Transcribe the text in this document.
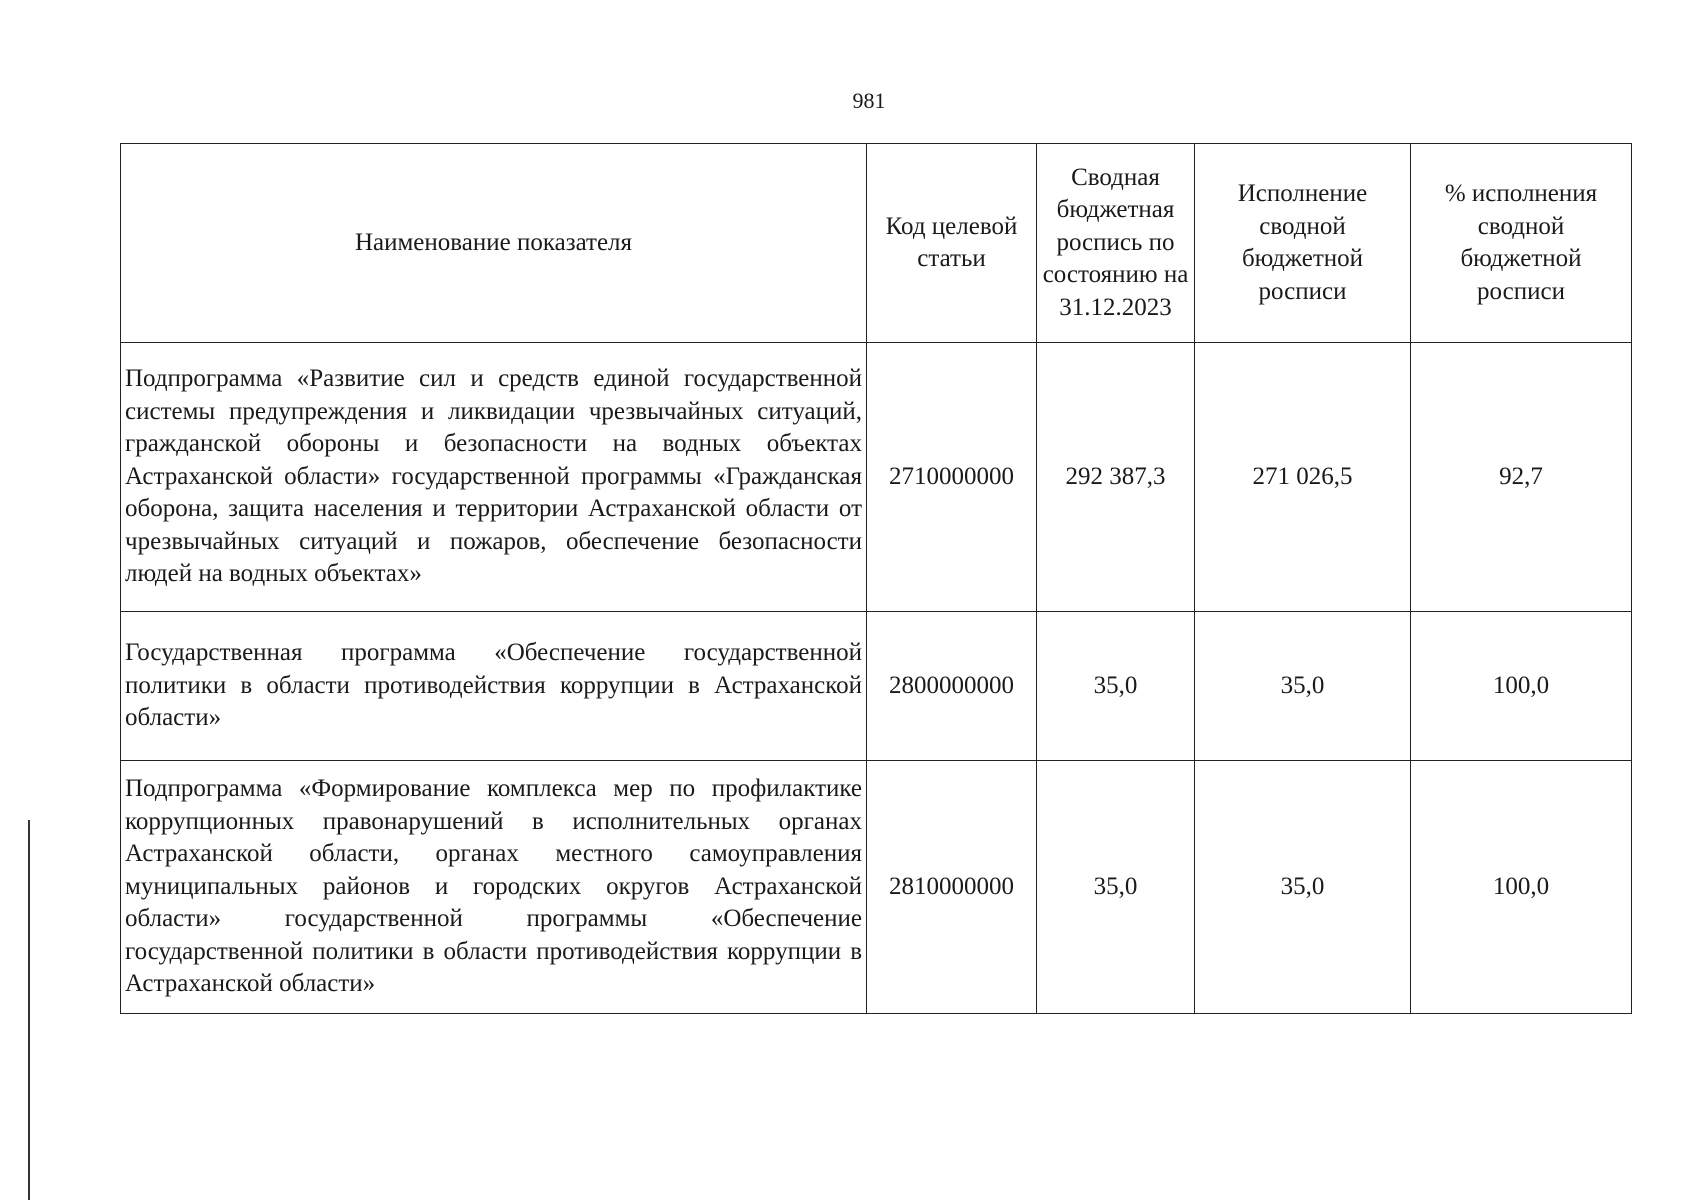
981
Наименование показателя	Код целевой статьи	Сводная бюджетная роспись по состоянию на 31.12.2023	Исполнение сводной бюджетной росписи	% исполнения сводной бюджетной росписи
Подпрограмма «Развитие сил и средств единой государственной системы предупреждения и ликвидации чрезвычайных ситуаций, гражданской обороны и безопасности на водных объектах Астраханской области» государственной программы «Гражданская оборона, защита населения и территории Астраханской области от чрезвычайных ситуаций и пожаров, обеспечение безопасности людей на водных объектах»	2710000000	292 387,3	271 026,5	92,7
Государственная программа «Обеспечение государственной политики в области противодействия коррупции в Астраханской области»	2800000000	35,0	35,0	100,0
Подпрограмма «Формирование комплекса мер по профилактике коррупционных правонарушений в исполнительных органах Астраханской области, органах местного самоуправления муниципальных районов и городских округов Астраханской области» государственной программы «Обеспечение государственной политики в области противодействия коррупции в Астраханской области»	2810000000	35,0	35,0	100,0
